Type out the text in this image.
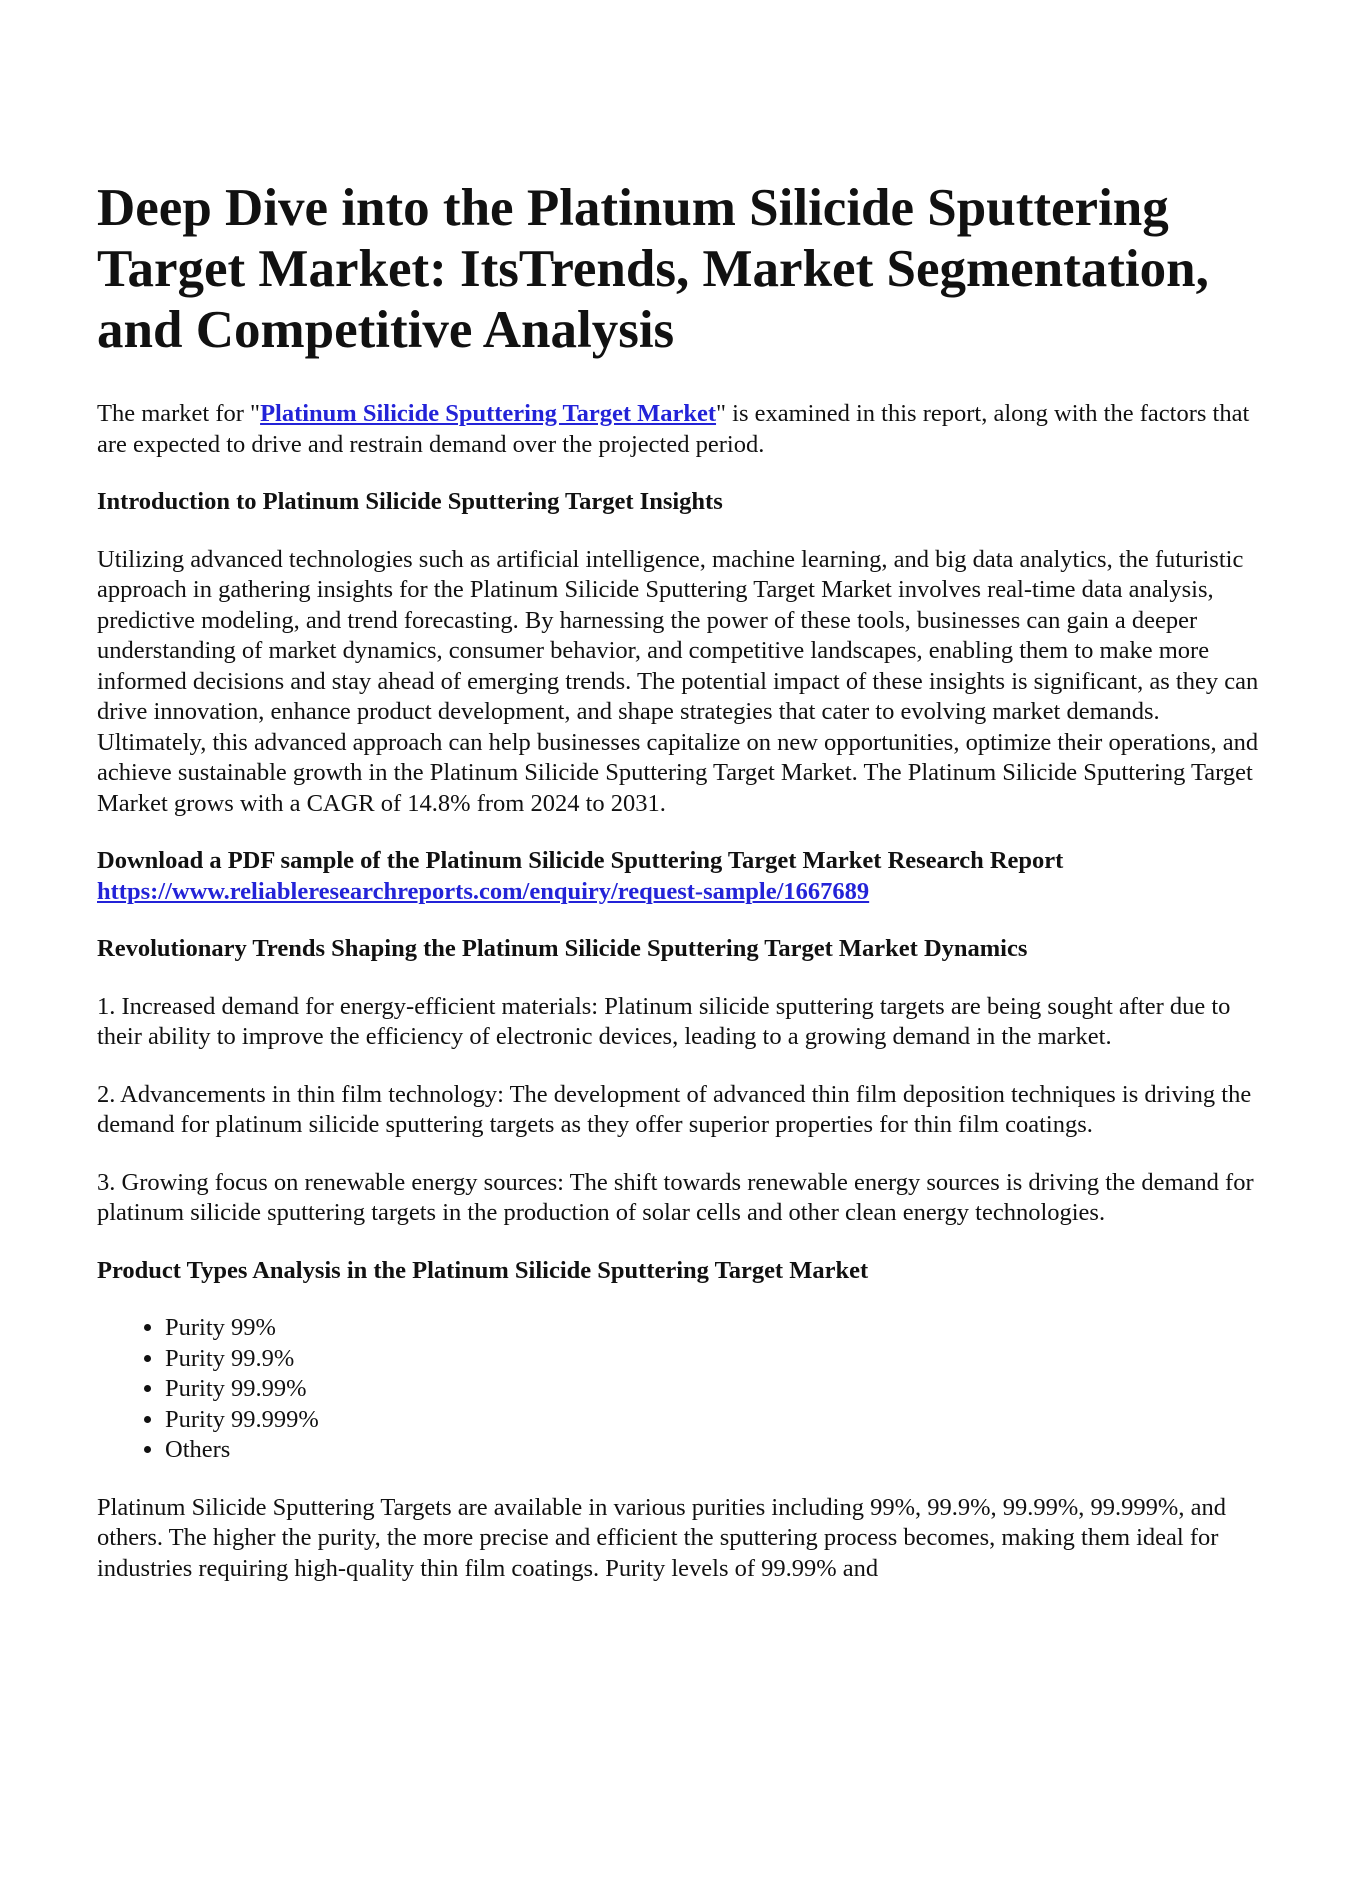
Deep Dive into the Platinum Silicide Sputtering Target Market: ItsTrends, Market Segmentation, and Competitive Analysis

The market for "Platinum Silicide Sputtering Target Market" is examined in this report, along with the factors that are expected to drive and restrain demand over the projected period.

Introduction to Platinum Silicide Sputtering Target Insights

Utilizing advanced technologies such as artificial intelligence, machine learning, and big data analytics, the futuristic approach in gathering insights for the Platinum Silicide Sputtering Target Market involves real-time data analysis, predictive modeling, and trend forecasting. By harnessing the power of these tools, businesses can gain a deeper understanding of market dynamics, consumer behavior, and competitive landscapes, enabling them to make more informed decisions and stay ahead of emerging trends. The potential impact of these insights is significant, as they can drive innovation, enhance product development, and shape strategies that cater to evolving market demands. Ultimately, this advanced approach can help businesses capitalize on new opportunities, optimize their operations, and achieve sustainable growth in the Platinum Silicide Sputtering Target Market. The Platinum Silicide Sputtering Target Market grows with a CAGR of 14.8% from 2024 to 2031.

Download a PDF sample of the Platinum Silicide Sputtering Target Market Research Report
https://www.reliableresearchreports.com/enquiry/request-sample/1667689
Revolutionary Trends Shaping the Platinum Silicide Sputtering Target Market Dynamics

1. Increased demand for energy-efficient materials: Platinum silicide sputtering targets are being sought after due to their ability to improve the efficiency of electronic devices, leading to a growing demand in the market.

2. Advancements in thin film technology: The development of advanced thin film deposition techniques is driving the demand for platinum silicide sputtering targets as they offer superior properties for thin film coatings.

3. Growing focus on renewable energy sources: The shift towards renewable energy sources is driving the demand for platinum silicide sputtering targets in the production of solar cells and other clean energy technologies.

Product Types Analysis in the Platinum Silicide Sputtering Target Market
• Purity 99%
• Purity 99.9%
• Purity 99.99%
• Purity 99.999%
• Others

Platinum Silicide Sputtering Targets are available in various purities including 99%, 99.9%, 99.99%, 99.999%, and others. The higher the purity, the more precise and efficient the sputtering process becomes, making them ideal for industries requiring high-quality thin film coatings. Purity levels of 99.99% and
